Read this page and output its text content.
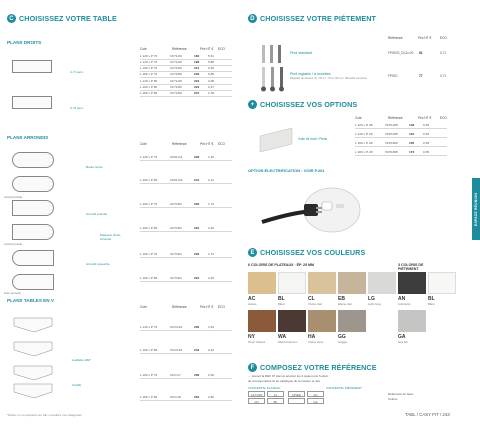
C CHOISISSEZ VOTRE TABLE
PLANS DROITS
Cote	Référence	Prix HT € ECO
4 / 6 pers.
6 / 8 pers.
L 120 x P 70	CF71/20	183	5,61
L 140 x P 70	CF71/40	198	5,88
L 160 x P 70	CF71/60	214	6,30
L 180 x P 70	CF71/80	228	6,85
L 140 x P 80	CF71/40	204	2,08
L 160 x P 80	CF71/60	223	2,47
L 180 x P 80	CF71/80	237	2,78
PLANS ARRONDIS
Cote	Référence	Prix HT € ECO
arrondi partie
arrondi partie
bout arrondi
Plateaux droits
arrondis
L 140 x P 70	CFDL/14	228	1,93
Bouts ronds
L 160 x P 80	CFDL/16	244	2,11
L 160 x P 70	CFT16D	203	1,74
Arrondi à droite
L 160 x P 80	CFT16D	222	2,26
L 160 x P 70	CFT16G	203	1,74
Arrondi à gauche
L 160 x P 80	CFT16G	222	2,26
PLANS TABLES EN V
Cote	Référence	Prix HT € ECO
L 140 x P 70	CFV/144	206	1,84
L 160 x P 80	CFV/164	243	2,42
Leaflette 180°
L 160 x P 70	CFC/17	208	2,00
Vouflip
L 180 x P 80	CFC/18	262	2,82
*Reliez un ou plusieurs au CE: consultez nos catégories
D CHOISISSEZ VOTRE PIÉTEMENT
Référence	Prix HT €	ECO
Pied standard	FPIEDS_DL2o.00 81	0,71
Pied réglable / à roulettes
Réglable de hauteur 70 - 80 cm - 80 à 100 mm. Blocable complexe
FPIED	77	0,71
+ CHOISISSEZ VOS OPTIONS
Cote	Référence	Prix HT €	ECO
Voile de fond / Pieds
L 120 x H 28	VFP1205	148	0,35
L 140 x H 28	VFP1405	164	0,36
L 160 x H 28	VFP1605	165	0,35
L 180 x H 28	VFP1805	173	0,35
OPTION ÉLECTRIFICATION : VOIR P.201
ESPACE RÉUNION
E CHOISISSEZ VOS COULEURS
6 COLORIS DE PLATEAUX · ÉP. 25 MM	3 COLORIS DE PIÉTEMENT
AC
Acacia
BL
Blanc
CL
Chêne clair
EB
Ébène clair
LG
Light Gray
NY
Noyer Naturel
WA
Walnut Harmon
HA
Chêne Hera
GG
Griggio
AN
Anthracite
BL
Blanc
GA
Gris Alu
F COMPOSEZ VOTRE RÉFÉRENCE
→ prenez la REF 07 plan et accolez les 2 sigles puis l'option
de correspondant ils au catalogue de la couleur et des
CONCEPTAL PLATEAU	CONCEPTAL PIÉTEMENT
CF71/20	CL	FPIED	AN
CH	BL	GA
Référence de base
Coloris
TABL / CASY FIT / 243
